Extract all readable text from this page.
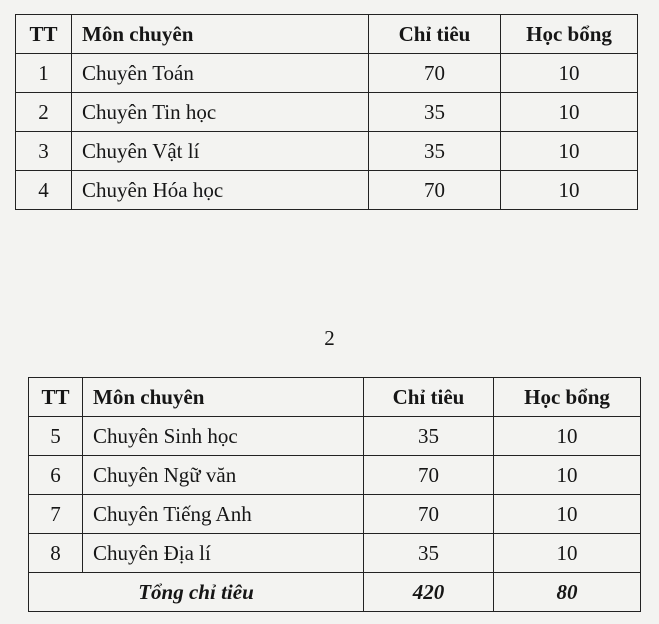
TT	Môn chuyên	Chỉ tiêu	Học bổng
1	Chuyên Toán	70	10
2	Chuyên Tin học	35	10
3	Chuyên Vật lí	35	10
4	Chuyên Hóa học	70	10
2
TT	Môn chuyên	Chỉ tiêu	Học bổng
5	Chuyên Sinh học	35	10
6	Chuyên Ngữ văn	70	10
7	Chuyên Tiếng Anh	70	10
8	Chuyên Địa lí	35	10
Tổng chỉ tiêu		420	80
